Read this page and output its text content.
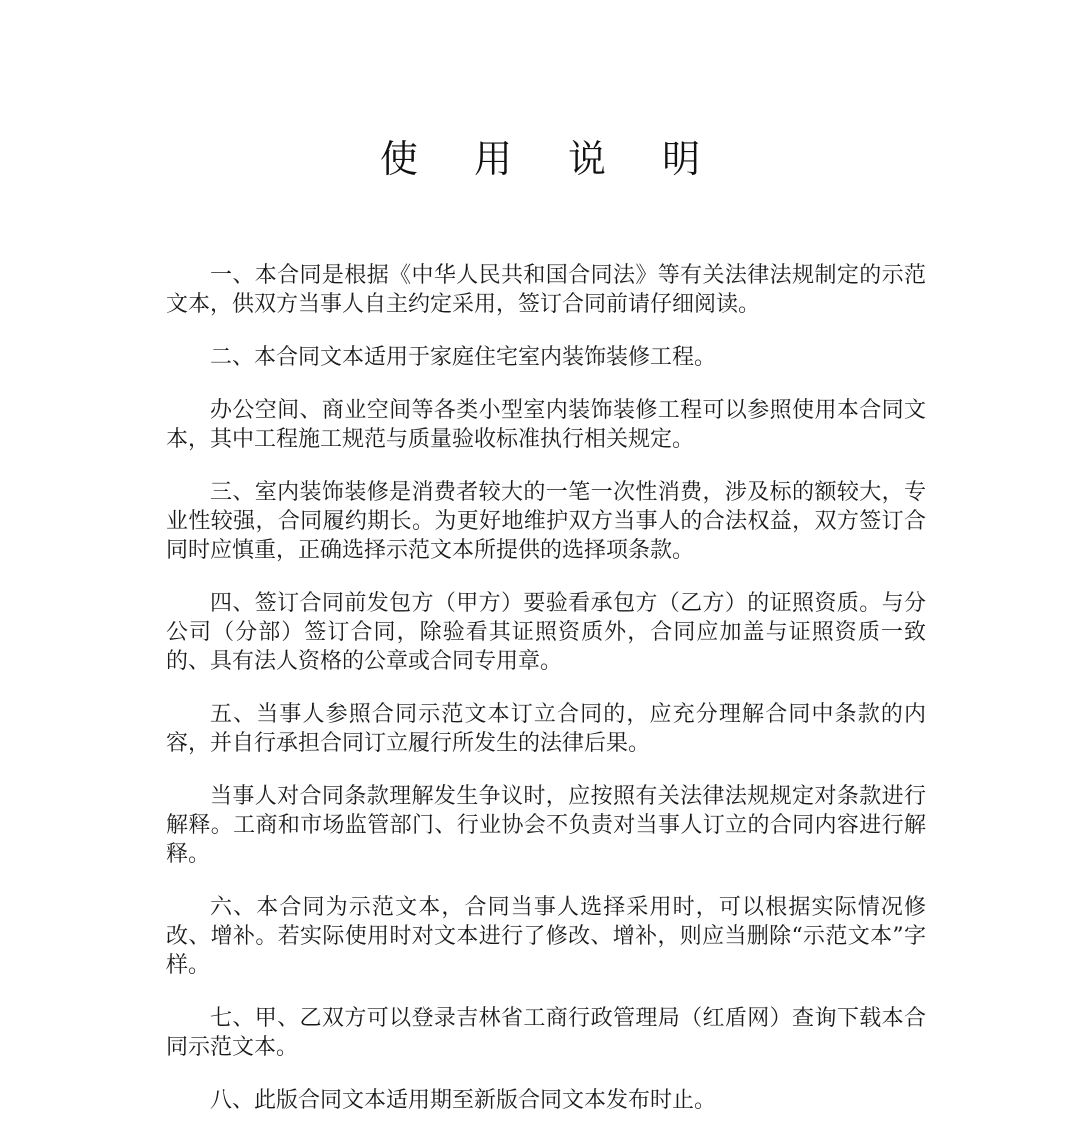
使 用 说 明

一、本合同是根据《中华人民共和国合同法》等有关法律法规制定的示范文本，供双方当事人自主约定采用，签订合同前请仔细阅读。

二、本合同文本适用于家庭住宅室内装饰装修工程。

办公空间、商业空间等各类小型室内装饰装修工程可以参照使用本合同文本，其中工程施工规范与质量验收标准执行相关规定。

三、室内装饰装修是消费者较大的一笔一次性消费，涉及标的额较大，专业性较强，合同履约期长。为更好地维护双方当事人的合法权益，双方签订合同时应慎重，正确选择示范文本所提供的选择项条款。

四、签订合同前发包方（甲方）要验看承包方（乙方）的证照资质。与分公司（分部）签订合同，除验看其证照资质外，合同应加盖与证照资质一致的、具有法人资格的公章或合同专用章。

五、当事人参照合同示范文本订立合同的，应充分理解合同中条款的内容，并自行承担合同订立履行所发生的法律后果。

当事人对合同条款理解发生争议时，应按照有关法律法规规定对条款进行解释。工商和市场监管部门、行业协会不负责对当事人订立的合同内容进行解释。

六、本合同为示范文本，合同当事人选择采用时，可以根据实际情况修改、增补。若实际使用时对文本进行了修改、增补，则应当删除“示范文本”字样。

七、甲、乙双方可以登录吉林省工商行政管理局（红盾网）查询下载本合同示范文本。

八、此版合同文本适用期至新版合同文本发布时止。
